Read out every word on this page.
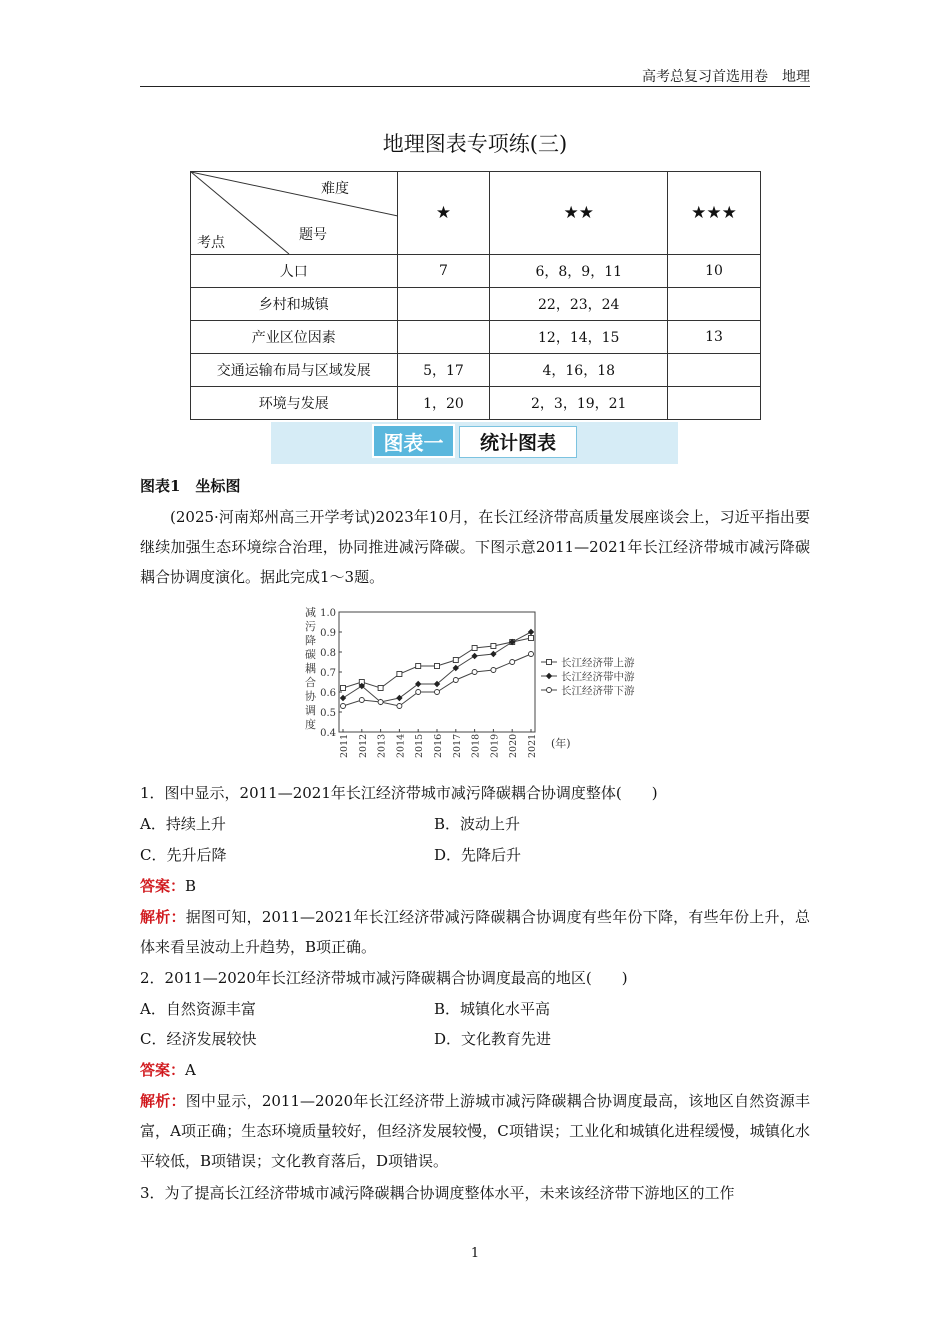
高考总复习首选用卷　地理
地理图表专项练(三)
难度
题号
考点	★	★★	★★★
人口	7	6，8，9，11	10
乡村和城镇		22，23，24	
产业区位因素		12，14，15	13
交通运输布局与区域发展	5，17	4，16，18	
环境与发展	1，20	2，3，19，21	
图表一	统计图表
图表1　坐标图
(2025·河南郑州高三开学考试)2023年10月，在长江经济带高质量发展座谈会上，习近平指出要继续加强生态环境综合治理，协同推进减污降碳。下图示意2011—2021年长江经济带城市减污降碳耦合协调度演化。据此完成1～3题。
减污降碳耦合协调度
0.4
0.5
0.6
0.7
0.8
0.9
1.0
2011 2012 2013 2014 2015 2016 2017 2018 2019 2020 2021
长江经济带上游
长江经济带中游
长江经济带下游
(年)
1．图中显示，2011—2021年长江经济带城市减污降碳耦合协调度整体(　　)
A．持续上升	B．波动上升
C．先升后降	D．先降后升
答案：B
解析：据图可知，2011—2021年长江经济带减污降碳耦合协调度有些年份下降，有些年份上升，总体来看呈波动上升趋势，B项正确。
2．2011—2020年长江经济带城市减污降碳耦合协调度最高的地区(　　)
A．自然资源丰富	B．城镇化水平高
C．经济发展较快	D．文化教育先进
答案：A
解析：图中显示，2011—2020年长江经济带上游城市减污降碳耦合协调度最高，该地区自然资源丰富，A项正确；生态环境质量较好，但经济发展较慢，C项错误；工业化和城镇化进程缓慢，城镇化水平较低，B项错误；文化教育落后，D项错误。
3．为了提高长江经济带城市减污降碳耦合协调度整体水平，未来该经济带下游地区的工作
1
